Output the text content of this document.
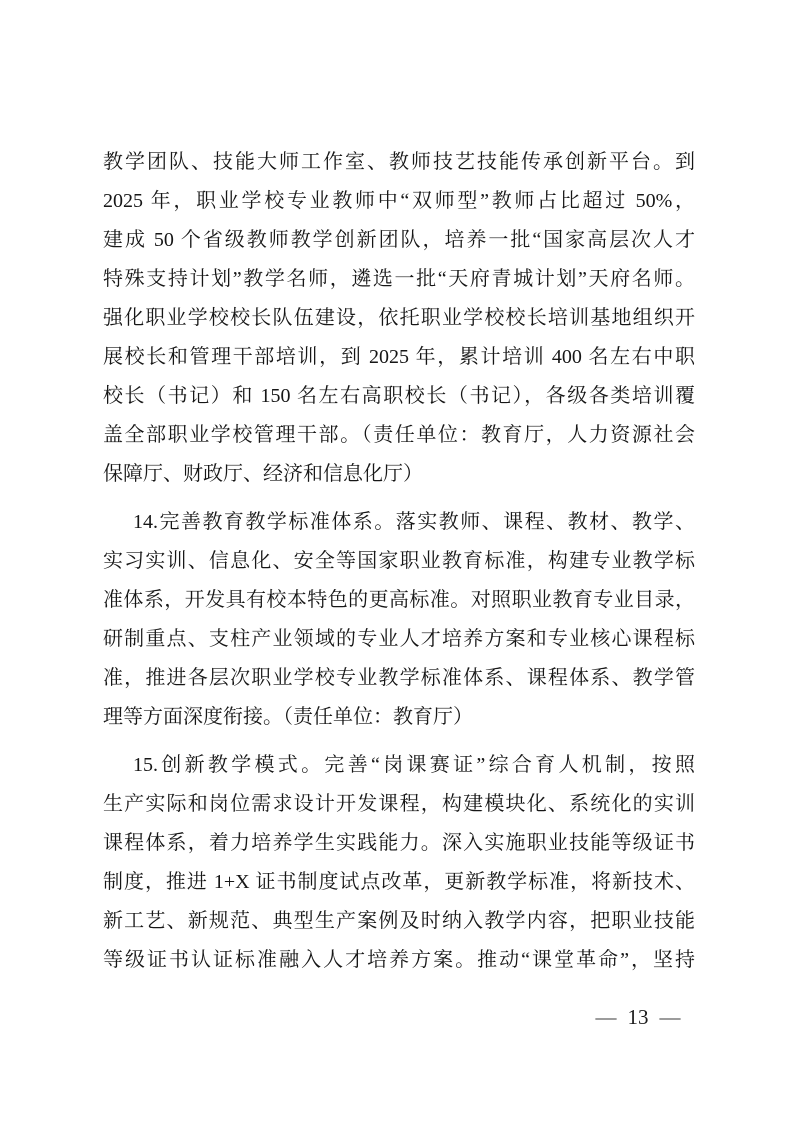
教学团队、技能大师工作室、教师技艺技能传承创新平台。到
2025 年，职业学校专业教师中“双师型”教师占比超过 50%，
建成 50 个省级教师教学创新团队，培养一批“国家高层次人才
特殊支持计划”教学名师，遴选一批“天府青城计划”天府名师。
强化职业学校校长队伍建设，依托职业学校校长培训基地组织开
展校长和管理干部培训，到 2025 年，累计培训 400 名左右中职
校长（书记）和 150 名左右高职校长（书记），各级各类培训覆
盖全部职业学校管理干部。（责任单位：教育厅，人力资源社会
保障厅、财政厅、经济和信息化厅）

14.完善教育教学标准体系。落实教师、课程、教材、教学、
实习实训、信息化、安全等国家职业教育标准，构建专业教学标
准体系，开发具有校本特色的更高标准。对照职业教育专业目录，
研制重点、支柱产业领域的专业人才培养方案和专业核心课程标
准，推进各层次职业学校专业教学标准体系、课程体系、教学管
理等方面深度衔接。（责任单位：教育厅）

15.创新教学模式。完善“岗课赛证”综合育人机制，按照
生产实际和岗位需求设计开发课程，构建模块化、系统化的实训
课程体系，着力培养学生实践能力。深入实施职业技能等级证书
制度，推进 1+X 证书制度试点改革，更新教学标准，将新技术、
新工艺、新规范、典型生产案例及时纳入教学内容，把职业技能
等级证书认证标准融入人才培养方案。推动“课堂革命”，坚持

— 13 —
